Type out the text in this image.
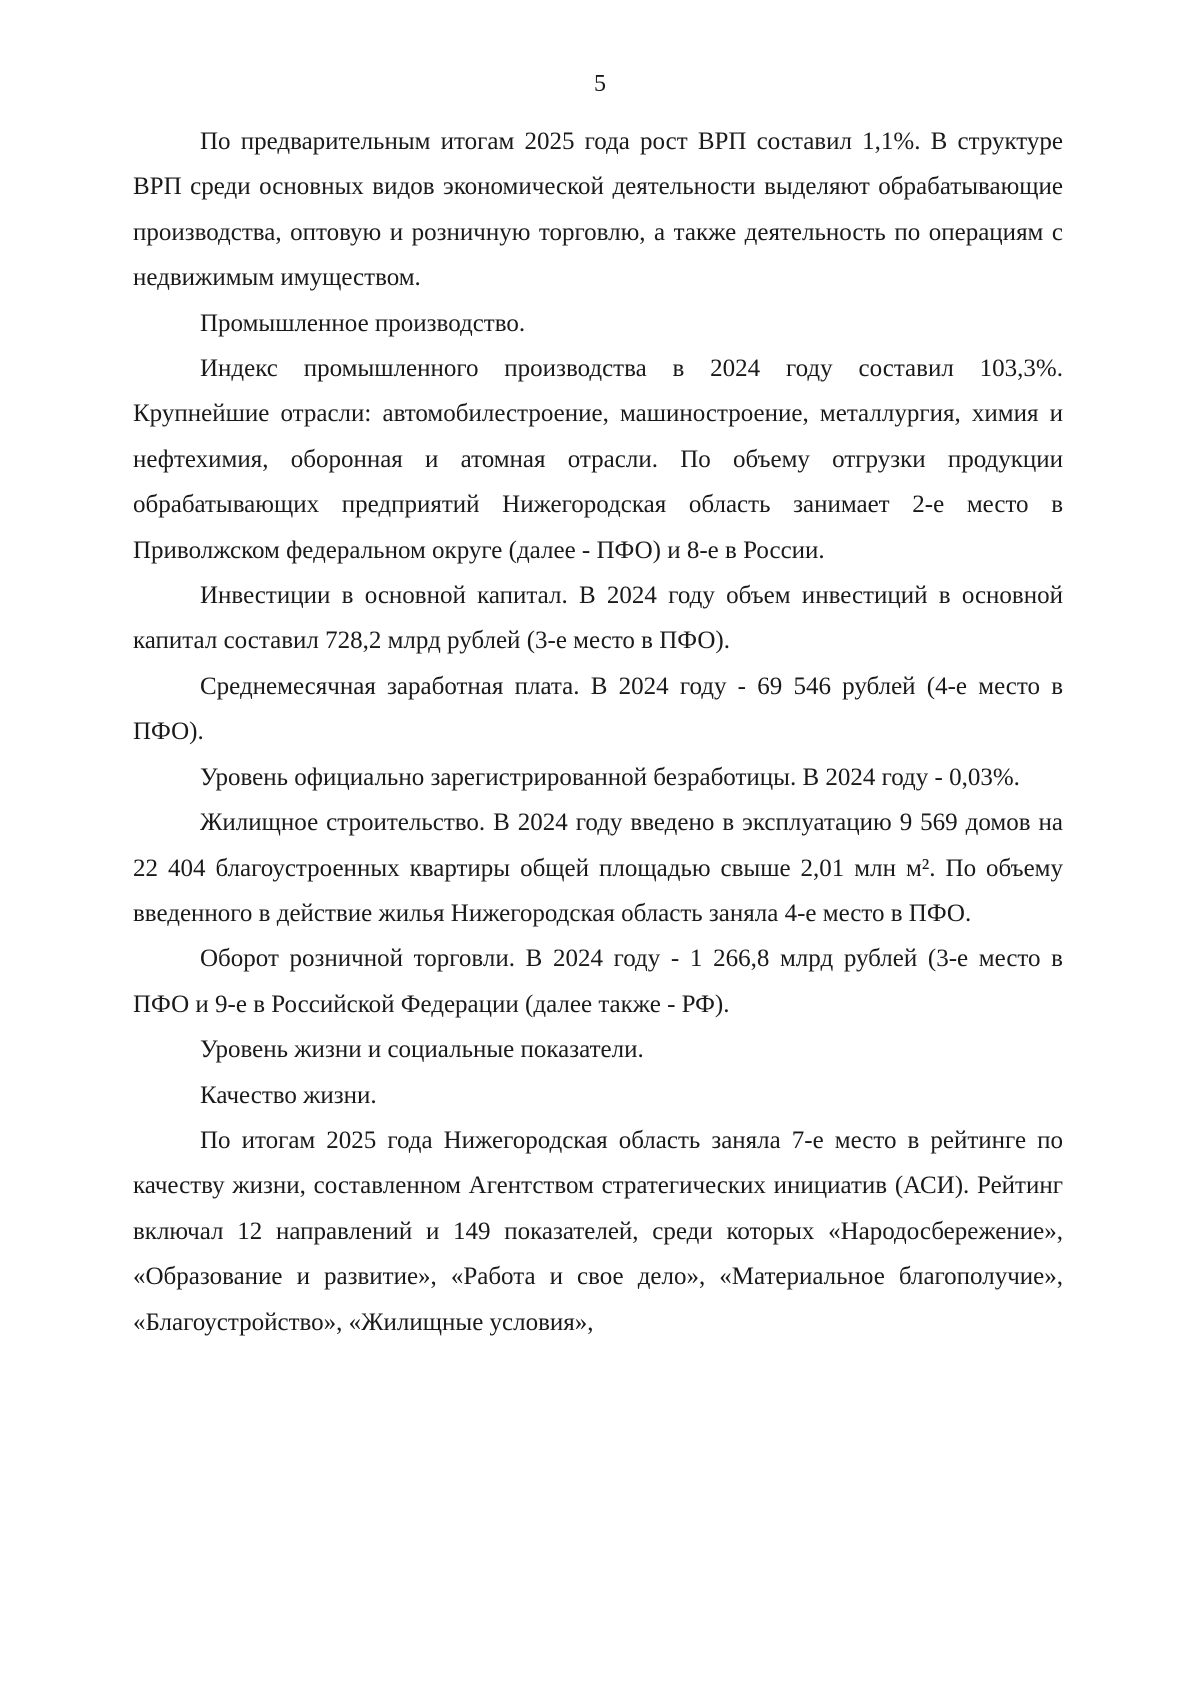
5

По предварительным итогам 2025 года рост ВРП составил 1,1%. В структуре ВРП среди основных видов экономической деятельности выделяют обрабатывающие производства, оптовую и розничную торговлю, а также деятельность по операциям с недвижимым имуществом.

Промышленное производство.

Индекс промышленного производства в 2024 году составил 103,3%. Крупнейшие отрасли: автомобилестроение, машиностроение, металлургия, химия и нефтехимия, оборонная и атомная отрасли. По объему отгрузки продукции обрабатывающих предприятий Нижегородская область занимает 2-е место в Приволжском федеральном округе (далее - ПФО) и 8-е в России.

Инвестиции в основной капитал. В 2024 году объем инвестиций в основной капитал составил 728,2 млрд рублей (3-е место в ПФО).

Среднемесячная заработная плата. В 2024 году - 69 546 рублей (4-е место в ПФО).

Уровень официально зарегистрированной безработицы. В 2024 году - 0,03%.

Жилищное строительство. В 2024 году введено в эксплуатацию 9 569 домов на 22 404 благоустроенных квартиры общей площадью свыше 2,01 млн м². По объему введенного в действие жилья Нижегородская область заняла 4-е место в ПФО.

Оборот розничной торговли. В 2024 году - 1 266,8 млрд рублей (3-е место в ПФО и 9-е в Российской Федерации (далее также - РФ).

Уровень жизни и социальные показатели.

Качество жизни.

По итогам 2025 года Нижегородская область заняла 7-е место в рейтинге по качеству жизни, составленном Агентством стратегических инициатив (АСИ). Рейтинг включал 12 направлений и 149 показателей, среди которых «Народосбережение», «Образование и развитие», «Работа и свое дело», «Материальное благополучие», «Благоустройство», «Жилищные условия»,
